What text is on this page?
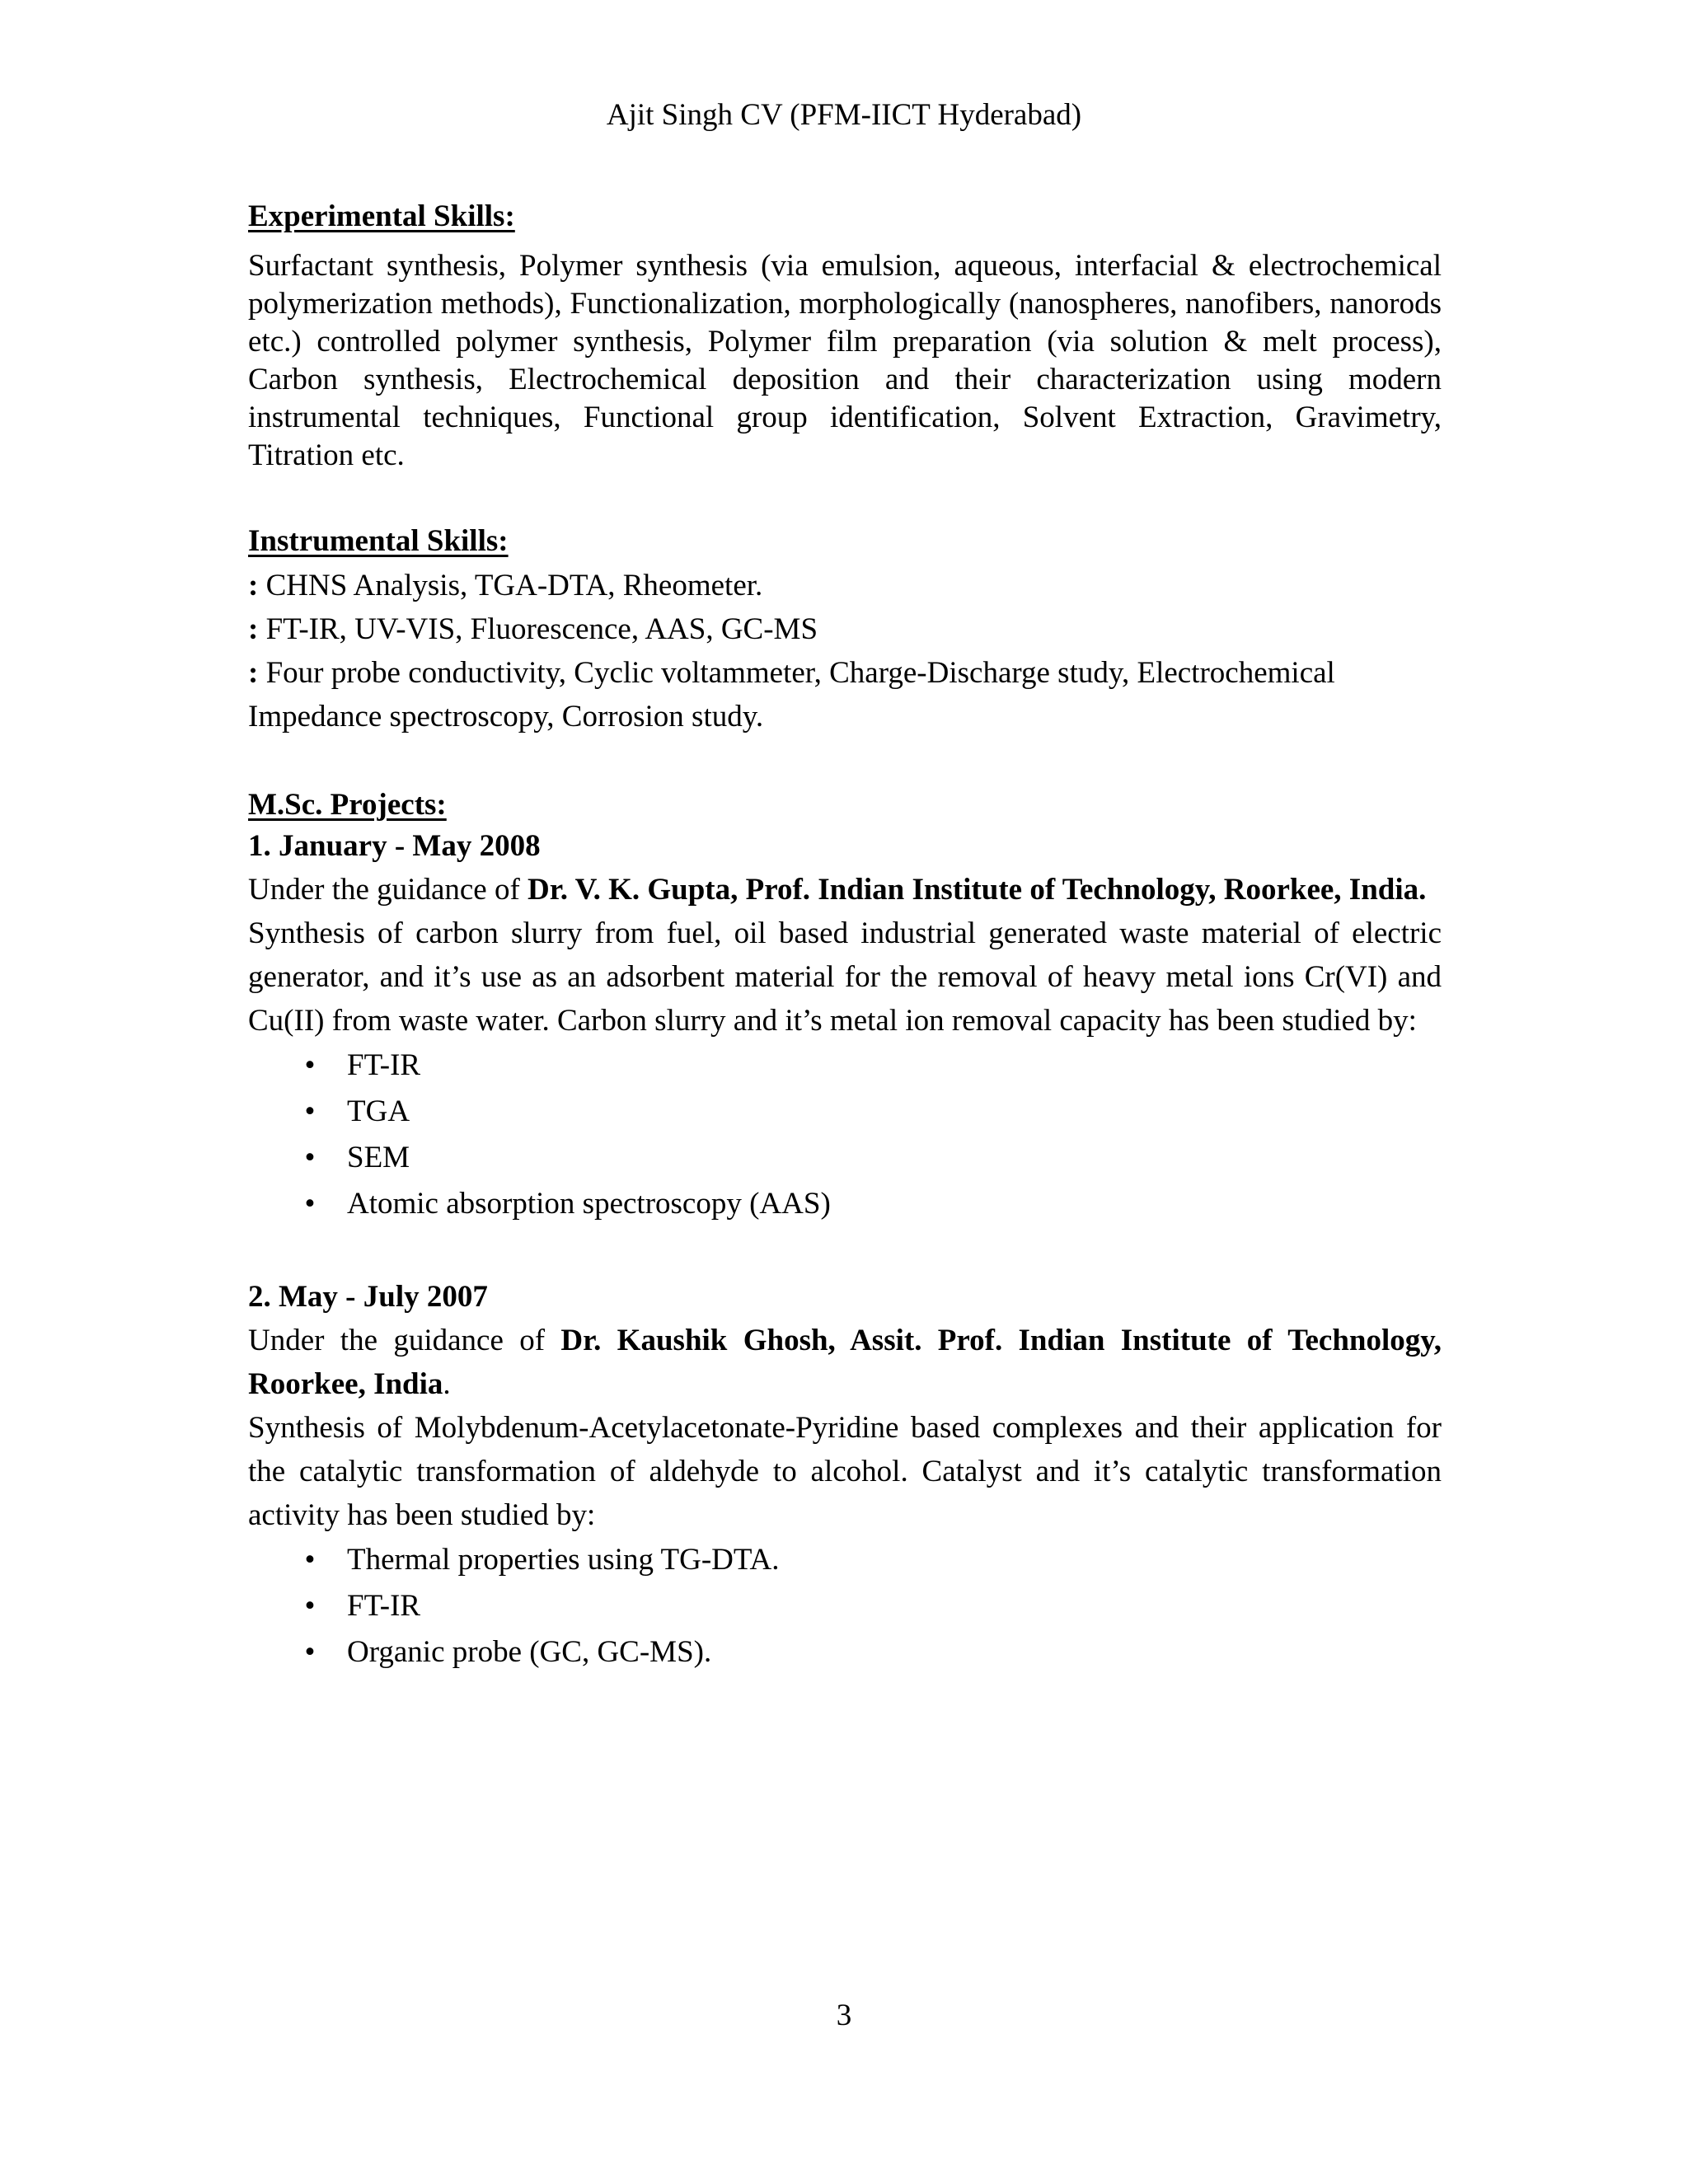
Ajit Singh CV (PFM-IICT Hyderabad)

Experimental Skills:

Surfactant synthesis, Polymer synthesis (via emulsion, aqueous, interfacial & electrochemical polymerization methods), Functionalization, morphologically (nanospheres, nanofibers, nanorods etc.) controlled polymer synthesis, Polymer film preparation (via solution & melt process), Carbon synthesis, Electrochemical deposition and their characterization using modern instrumental techniques, Functional group identification, Solvent Extraction, Gravimetry, Titration etc.

Instrumental Skills:

: CHNS Analysis, TGA-DTA, Rheometer.
: FT-IR, UV-VIS, Fluorescence, AAS, GC-MS
: Four probe conductivity, Cyclic voltammeter, Charge-Discharge study, Electrochemical Impedance spectroscopy, Corrosion study.

M.Sc. Projects:

1. January - May 2008

Under the guidance of Dr. V. K. Gupta, Prof. Indian Institute of Technology, Roorkee, India.

Synthesis of carbon slurry from fuel, oil based industrial generated waste material of electric generator, and it’s use as an adsorbent material for the removal of heavy metal ions Cr(VI) and Cu(II) from waste water. Carbon slurry and it’s metal ion removal capacity has been studied by:

• FT-IR
• TGA
• SEM
• Atomic absorption spectroscopy (AAS)

2. May - July 2007

Under the guidance of Dr. Kaushik Ghosh, Assit. Prof. Indian Institute of Technology, Roorkee, India.

Synthesis of Molybdenum-Acetylacetonate-Pyridine based complexes and their application for the catalytic transformation of aldehyde to alcohol. Catalyst and it’s catalytic transformation activity has been studied by:

• Thermal properties using TG-DTA.
• FT-IR
• Organic probe (GC, GC-MS).
3
